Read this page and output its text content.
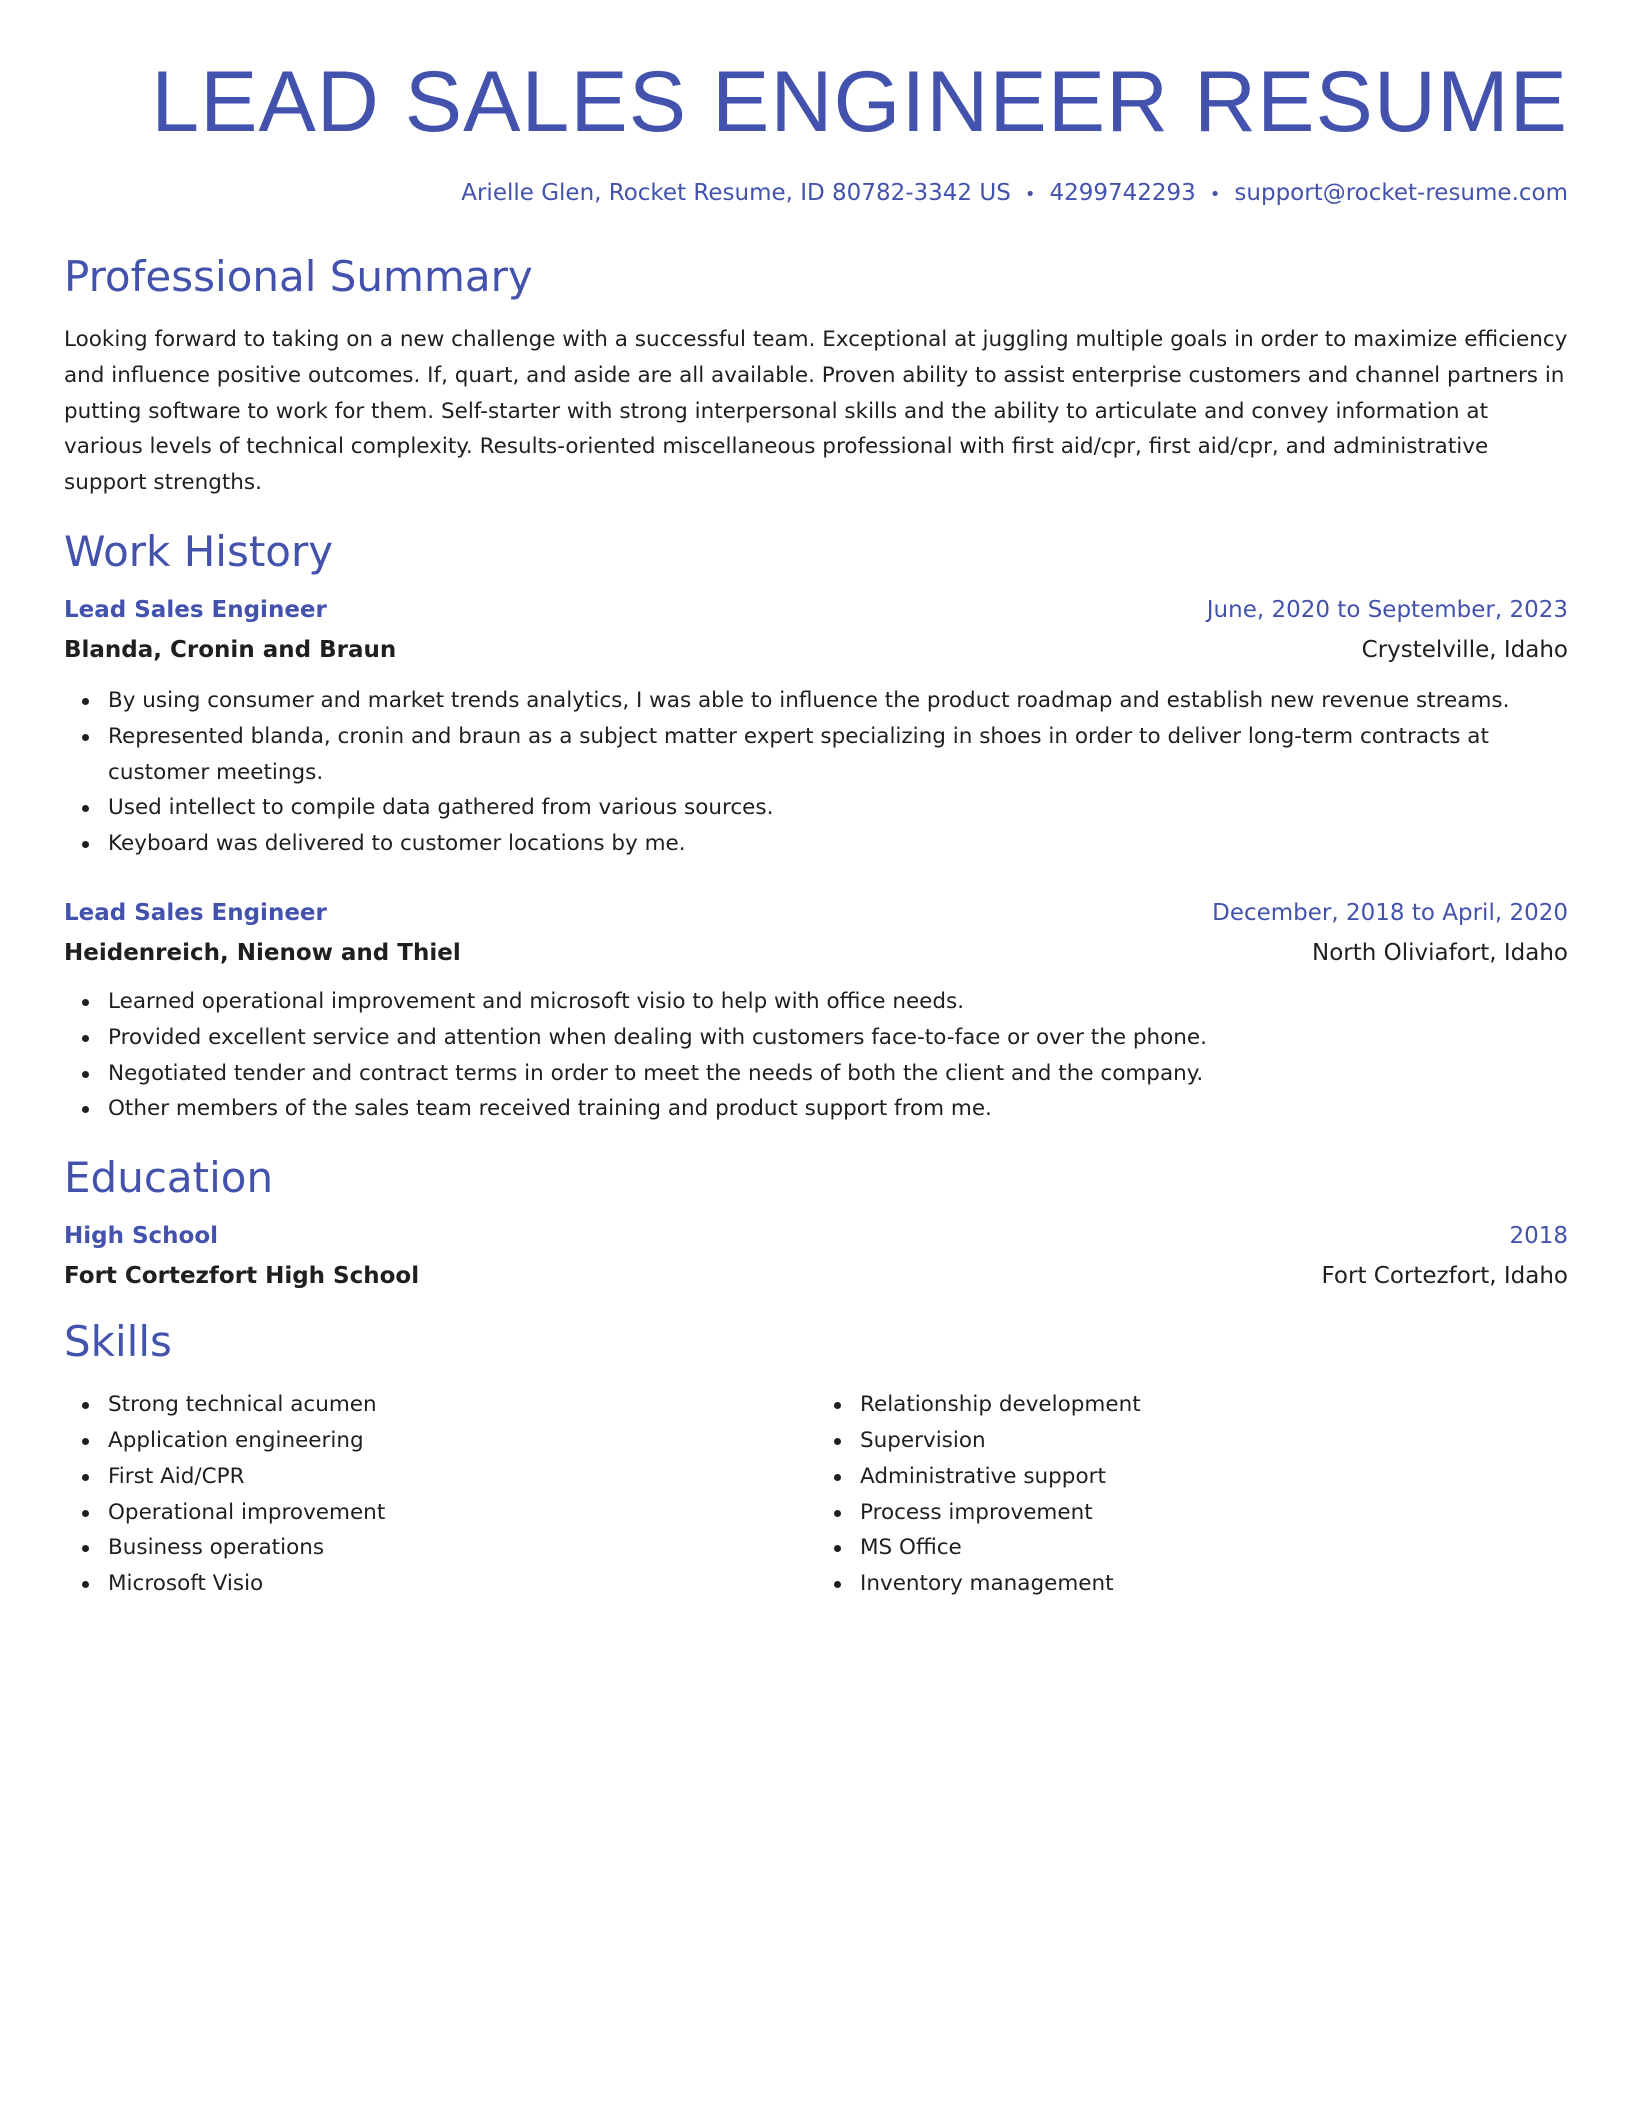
LEAD SALES ENGINEER RESUME
Arielle Glen, Rocket Resume, ID 80782-3342 US • 4299742293 • support@rocket-resume.com
Professional Summary

Looking forward to taking on a new challenge with a successful team. Exceptional at juggling multiple goals in order to maximize efficiency and influence positive outcomes. If, quart, and aside are all available. Proven ability to assist enterprise customers and channel partners in putting software to work for them. Self-starter with strong interpersonal skills and the ability to articulate and convey information at various levels of technical complexity. Results-oriented miscellaneous professional with first aid/cpr, first aid/cpr, and administrative support strengths.

Work History
Lead Sales Engineer	June, 2020 to September, 2023
Blanda, Cronin and Braun	Crystelville, Idaho
By using consumer and market trends analytics, I was able to influence the product roadmap and establish new revenue streams.
Represented blanda, cronin and braun as a subject matter expert specializing in shoes in order to deliver long-term contracts at customer meetings.
Used intellect to compile data gathered from various sources.
Keyboard was delivered to customer locations by me.
Lead Sales Engineer	December, 2018 to April, 2020
Heidenreich, Nienow and Thiel	North Oliviafort, Idaho
Learned operational improvement and microsoft visio to help with office needs.
Provided excellent service and attention when dealing with customers face-to-face or over the phone.
Negotiated tender and contract terms in order to meet the needs of both the client and the company.
Other members of the sales team received training and product support from me.
Education
High School	2018
Fort Cortezfort High School	Fort Cortezfort, Idaho
Skills
Strong technical acumen
Application engineering
First Aid/CPR
Operational improvement
Business operations
Microsoft Visio
Relationship development
Supervision
Administrative support
Process improvement
MS Office
Inventory management
